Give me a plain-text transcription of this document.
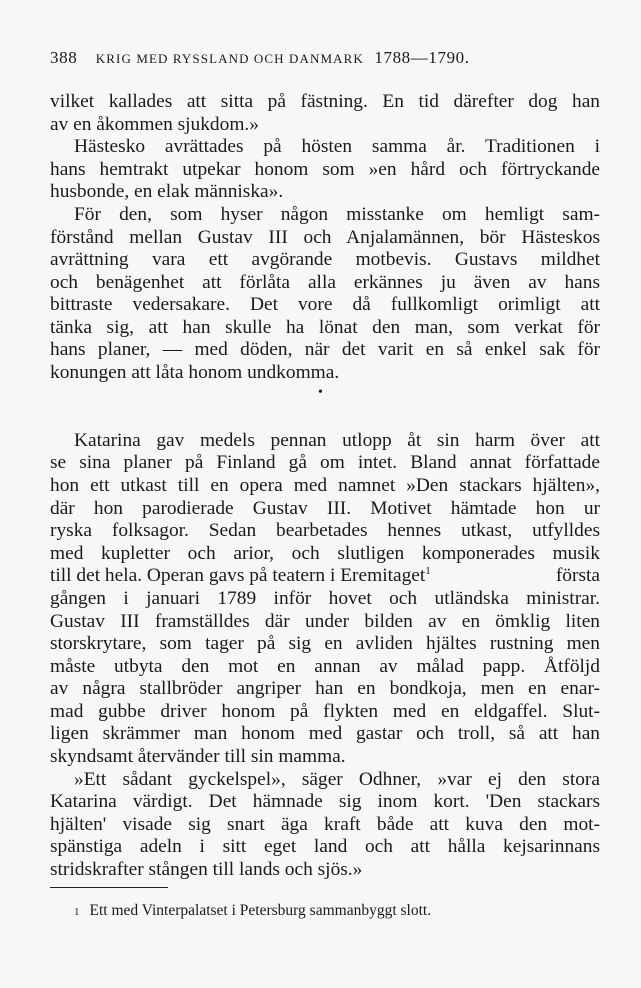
388 KRIG MED RYSSLAND OCH DANMARK 1788—1790.
vilket kallades att sitta på fästning. En tid därefter dog han
av en åkommen sjukdom.»
Hästesko avrättades på hösten samma år. Traditionen i
hans hemtrakt utpekar honom som »en hård och förtryckande
husbonde, en elak människa».
För den, som hyser någon misstanke om hemligt sam-
förstånd mellan Gustav III och Anjalamännen, bör Hästeskos
avrättning vara ett avgörande motbevis. Gustavs mildhet
och benägenhet att förlåta alla erkännes ju även av hans
bittraste vedersakare. Det vore då fullkomligt orimligt att
tänka sig, att han skulle ha lönat den man, som verkat för
hans planer, — med döden, när det varit en så enkel sak för
konungen att låta honom undkomma.
•
Katarina gav medels pennan utlopp åt sin harm över att
se sina planer på Finland gå om intet. Bland annat författade
hon ett utkast till en opera med namnet »Den stackars hjälten»,
där hon parodierade Gustav III. Motivet hämtade hon ur
ryska folksagor. Sedan bearbetades hennes utkast, utfylldes
med kupletter och arior, och slutligen komponerades musik
till det hela. Operan gavs på teatern i Eremitaget$^1$	första
gången i januari 1789 inför hovet och utländska ministrar.
Gustav III framställdes där under bilden av en ömklig liten
storskrytare, som tager på sig en avliden hjältes rustning men
måste utbyta den mot en annan av målad papp. Åtföljd
av några stallbröder angriper han en bondkoja, men en enar-
mad gubbe driver honom på flykten med en eldgaffel. Slut-
ligen skrämmer man honom med gastar och troll, så att han
skyndsamt återvänder till sin mamma.
1 Ett med Vinterpalatset i Petersburg sammanbyggt slott.
»Ett sådant gyckelspel», säger Odhner, »var ej den stora
Katarina värdigt. Det hämnade sig inom kort. 'Den stackars
hjälten' visade sig snart äga kraft både att kuva den mot-
spänstiga adeln i sitt eget land och att hålla kejsarinnans
stridskrafter stången till lands och sjös.»
